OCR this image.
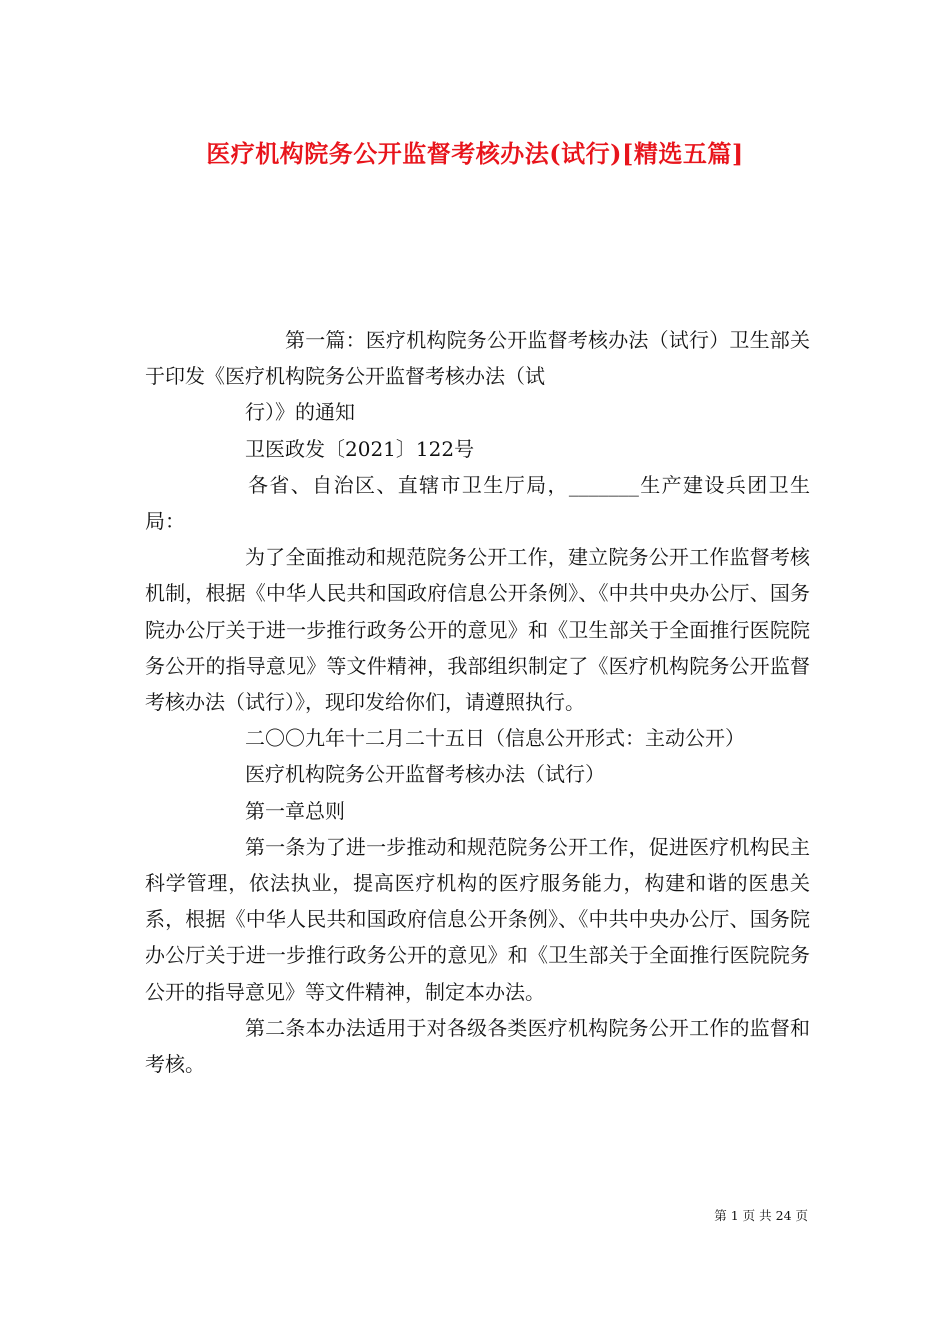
医疗机构院务公开监督考核办法(试行)[精选五篇]

第一篇：医疗机构院务公开监督考核办法（试行）卫生部关于印发《医疗机构院务公开监督考核办法（试

行）》的通知

卫医政发〔2021〕122号

各省、自治区、直辖市卫生厅局，_______生产建设兵团卫生局：

为了全面推动和规范院务公开工作，建立院务公开工作监督考核机制，根据《中华人民共和国政府信息公开条例》、《中共中央办公厅、国务院办公厅关于进一步推行政务公开的意见》和《卫生部关于全面推行医院院务公开的指导意见》等文件精神，我部组织制定了《医疗机构院务公开监督考核办法（试行）》，现印发给你们，请遵照执行。

二〇〇九年十二月二十五日（信息公开形式：主动公开）

医疗机构院务公开监督考核办法（试行）

第一章总则

第一条为了进一步推动和规范院务公开工作，促进医疗机构民主科学管理，依法执业，提高医疗机构的医疗服务能力，构建和谐的医患关系，根据《中华人民共和国政府信息公开条例》、《中共中央办公厅、国务院办公厅关于进一步推行政务公开的意见》和《卫生部关于全面推行医院院务公开的指导意见》等文件精神，制定本办法。

第二条本办法适用于对各级各类医疗机构院务公开工作的监督和考核。

第 1 页 共 24 页
